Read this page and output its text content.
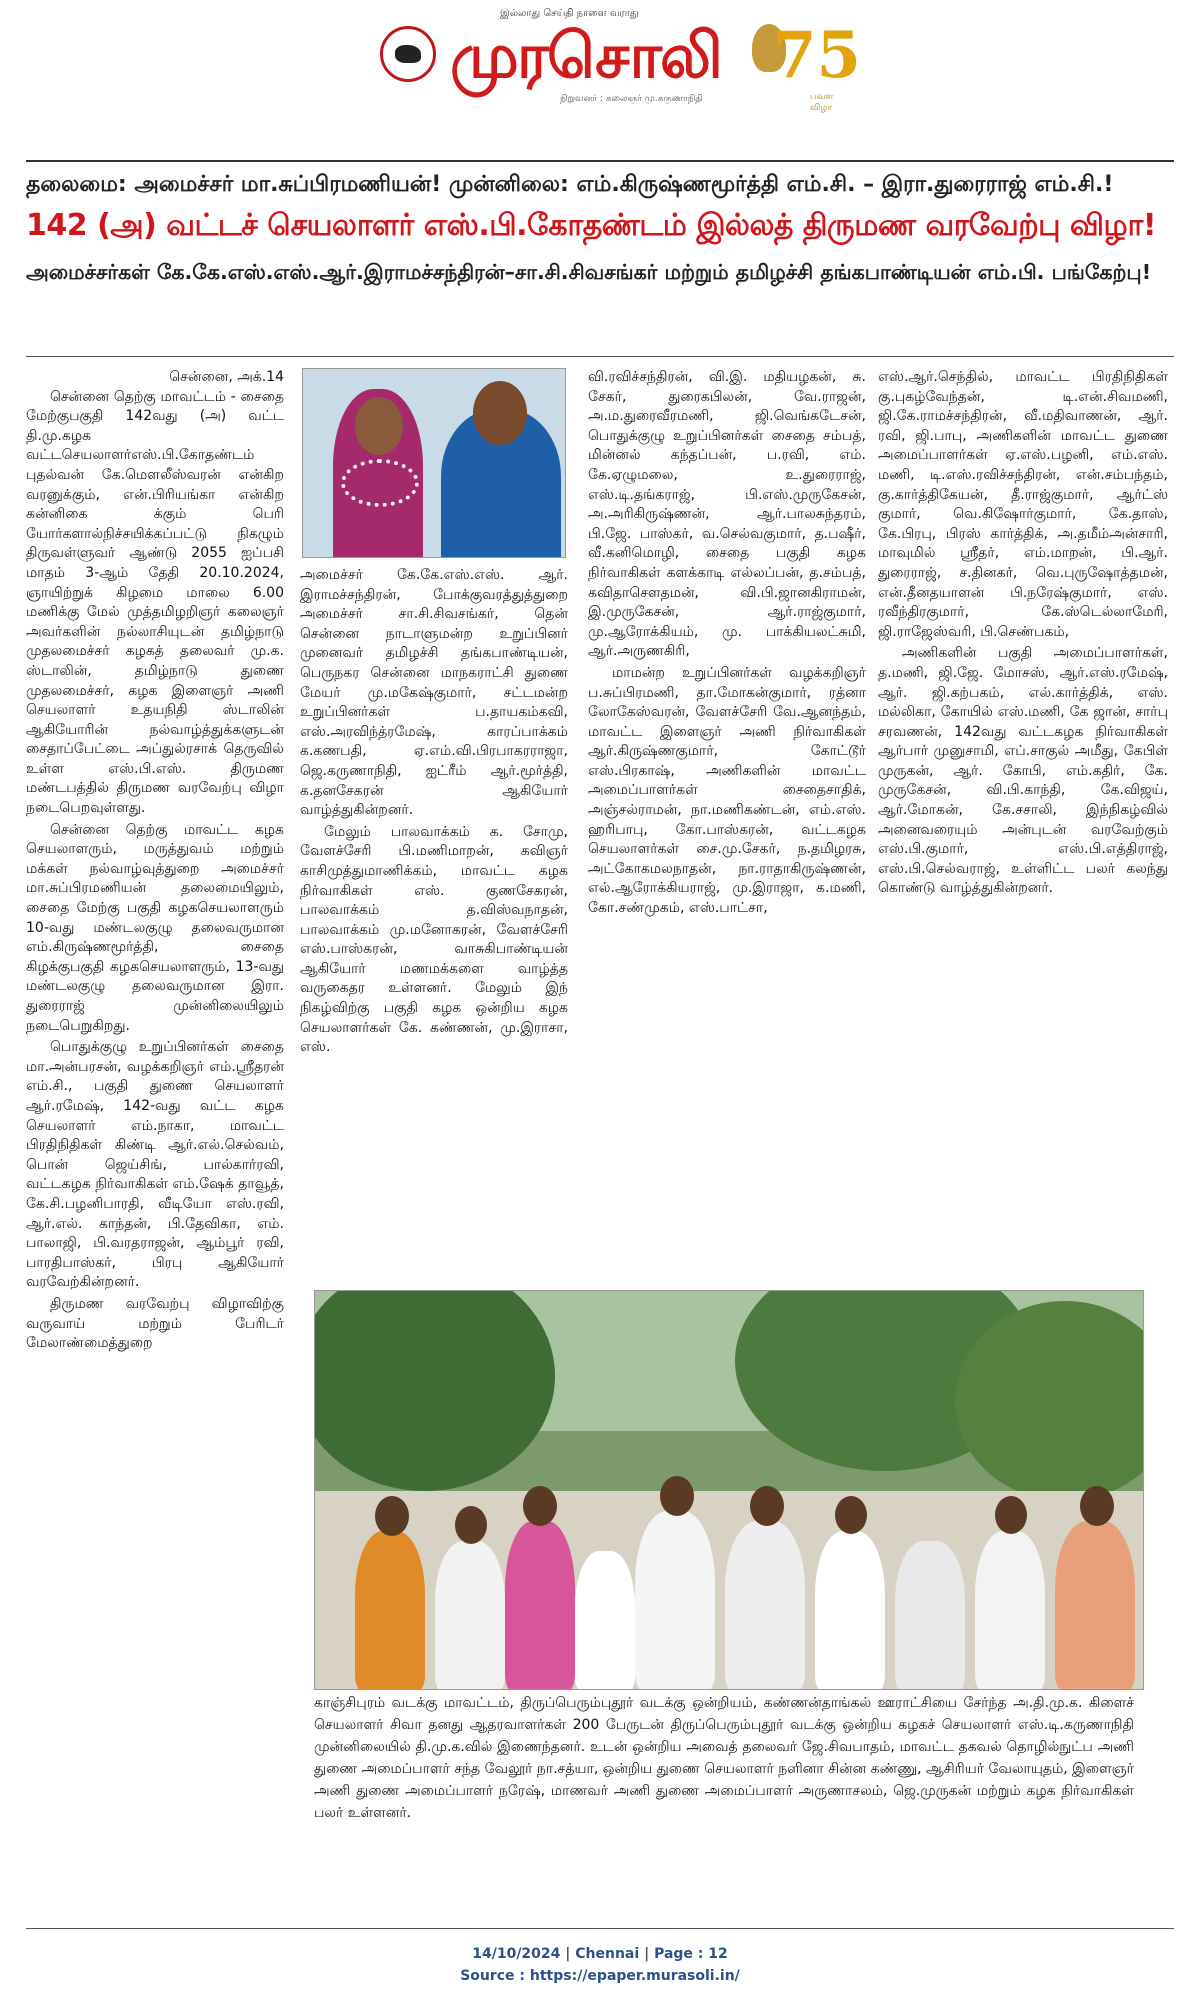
இல்லாது செய்தி நாளை வராது
முரசொலி
நிறுவனர் : கலைஞர் மு.கருணாநிதி
75
பவள விழா
தலைமை: அமைச்சர் மா.சுப்பிரமணியன்! முன்னிலை: எம்.கிருஷ்ணமூர்த்தி எம்.சி. – இரா.துரைராஜ் எம்.சி.!
142 (அ) வட்டச் செயலாளர் எஸ்.பி.கோதண்டம் இல்லத் திருமண வரவேற்பு விழா!
அமைச்சர்கள் கே.கே.எஸ்.எஸ்.ஆர்.இராமச்சந்திரன்–சா.சி.சிவசங்கர் மற்றும் தமிழச்சி தங்கபாண்டியன் எம்.பி. பங்கேற்பு!
சென்னை, அக்.14

சென்னை தெற்கு மாவட்டம் - சைதை மேற்குபகுதி 142வது (அ) வட்ட தி.மு.கழக வட்டசெயலாளர்எஸ்.பி.கோதண்டம் புதல்வன் கே.மௌலீஸ்வரன் என்கிற வரனுக்கும், என்.பிரியங்கா என்கிற கன்னிகை க்கும் பெரி யோர்களால்நிச்சயிக்கப்பட்டு நிகழும் திருவள்ளுவர் ஆண்டு 2055 ஐப்பசி மாதம் 3-ஆம் தேதி 20.10.2024, ஞாயிற்றுக் கிழமை மாலை 6.00 மணிக்கு மேல் முத்தமிழறிஞர் கலைஞர் அவர்களின் நல்லாசியுடன் தமிழ்நாடு முதலமைச்சர் கழகத் தலைவர் மு.க. ஸ்டாலின், தமிழ்நாடு துணை முதலமைச்சர், கழக இளைஞர் அணி செயலாளர் உதயநிதி ஸ்டாலின் ஆகியோரின் நல்வாழ்த்துக்களுடன் சைதாப்பேட்டை அப்துல்ரசாக் தெருவில் உள்ள எஸ்.பி.எஸ். திருமண மண்டபத்தில் திருமண வரவேற்பு விழா நடைபெறவுள்ளது.

சென்னை தெற்கு மாவட்ட கழக செயலாளரும், மருத்துவம் மற்றும் மக்கள் நல்வாழ்வுத்துறை அமைச்சர் மா.சுப்பிரமணியன் தலைமையிலும், சைதை மேற்கு பகுதி கழகசெயலாளரும் 10-வது மண்டலகுழு தலைவருமான எம்.கிருஷ்ணமூர்த்தி, சைதை கிழக்குபகுதி கழகசெயலாளரும், 13-வது மண்டலகுழு தலைவருமான இரா. துரைராஜ் முன்னிலையிலும் நடைபெறுகிறது.

பொதுக்குழு உறுப்பினர்கள் சைதை மா.அன்பரசன், வழக்கறிஞர் எம்.ஸ்ரீதரன் எம்.சி., பகுதி துணை செயலாளர் ஆர்.ரமேஷ், 142-வது வட்ட கழக செயலாளர் எம்.நாகா, மாவட்ட பிரதிநிதிகள் கிண்டி ஆர்.எல்.செல்வம், பொன் ஜெய்சிங், பால்கார்ரவி, வட்டகழக நிர்வாகிகள் எம்.ஷேக் தாவூத், கே.சி.பழனிபாரதி, வீடியோ எஸ்.ரவி, ஆர்.எல். காந்தன், பி.தேவிகா, எம். பாலாஜி, பி.வரதராஜன், ஆம்பூர் ரவி, பாரதிபாஸ்கர், பிரபு ஆகியோர் வரவேற்கின்றனர்.

திருமண வரவேற்பு விழாவிற்கு வருவாய் மற்றும் பேரிடர் மேலாண்மைத்துறை

அமைச்சர் கே.கே.எஸ்.எஸ். ஆர். இராமச்சந்திரன், போக்குவரத்துத்துறை அமைச்சர் சா.சி.சிவசங்கர், தென் சென்னை நாடாளுமன்ற உறுப்பினர் முனைவர் தமிழச்சி தங்கபாண்டியன், பெருநகர சென்னை மாநகராட்சி துணை மேயர் மு.மகேஷ்குமார், சட்டமன்ற உறுப்பினர்கள் ப.தாயகம்கவி, எஸ்.அரவிந்த்ரமேஷ், காரப்பாக்கம் க.கணபதி, ஏ.எம்.வி.பிரபாகரராஜா, ஜெ.கருணாநிதி, ஐட்ரீம் ஆர்.மூர்த்தி, க.தனசேகரன் ஆகியோர் வாழ்த்துகின்றனர்.

மேலும் பாலவாக்கம் க. சோமு, வேளச்சேரி பி.மணிமாறன், கவிஞர் காசிமுத்துமாணிக்கம், மாவட்ட கழக நிர்வாகிகள் எஸ். குணசேகரன், பாலவாக்கம் த.விஸ்வநாதன், பாலவாக்கம் மு.மனோகரன், வேளச்சேரி எஸ்.பாஸ்கரன், வாசுகிபாண்டியன் ஆகியோர் மணமக்களை வாழ்த்த வருகைதர உள்ளனர். மேலும் இந் நிகழ்விற்கு பகுதி கழக ஒன்றிய கழக செயலாளர்கள் கே. கண்ணன், மு.இராசா, எஸ்.

வி.ரவிச்சந்திரன், வி.இ. மதியழகன், சு. சேகர், துரைகபிலன், வே.ராஜன், அ.ம.துரைவீரமணி, ஜி.வெங்கடேசன், பொதுக்குழு உறுப்பினர்கள் சைதை சம்பத், மின்னல் கந்தப்பன், ப.ரவி, எம். கே.ஏழுமலை, உ.துரைராஜ், எஸ்.டி.தங்கராஜ், பி.எஸ்.முருகேசன், அ.அரிகிருஷ்ணன், ஆர்.பாலசுந்தரம், பி.ஜே. பாஸ்கர், வ.செல்வகுமார், த.பஷீர், வீ.கனிமொழி, சைதை பகுதி கழக நிர்வாகிகள் களக்காடி எல்லப்பன், த.சம்பத், கவிதாசௌதமன், வி.பி.ஜானகிராமன், இ.முருகேசன், ஆர்.ராஜ்குமார், மு.ஆரோக்கியம், மு. பாக்கியலட்சுமி, ஆர்.அருணகிரி,

மாமன்ற உறுப்பினர்கள் வழக்கறிஞர் ப.சுப்பிரமணி, தா.மோகன்குமார், ரத்னா லோகேஸ்வரன், வேளச்சேரி வே.ஆனந்தம், மாவட்ட இளைஞர் அணி நிர்வாகிகள் ஆர்.கிருஷ்ணகுமார், கோட்டூர் எஸ்.பிரகாஷ், அணிகளின் மாவட்ட அமைப்பாளர்கள் சைதைசாதிக், அஞ்சல்ராமன், நா.மணிகண்டன், எம்.எஸ். ஹரிபாபு, கோ.பாஸ்கரன், வட்டகழக செயலாளர்கள் சை.மு.சேகர், ந.தமிழரசு, அட்கோகமலநாதன், நா.ராதாகிருஷ்ணன், எல்.ஆரோக்கியராஜ், மு.இராஜா, க.மணி, கோ.சண்முகம், எஸ்.பாட்சா,

எஸ்.ஆர்.செந்தில், மாவட்ட பிரதிநிதிகள் கு.புகழ்வேந்தன், டி.என்.சிவமணி, ஜி.கே.ராமச்சந்திரன், வீ.மதிவாணன், ஆர். ரவி, ஜி.பாபு, அணிகளின் மாவட்ட துணை அமைப்பாளர்கள் ஏ.எஸ்.பழனி, எம்.எஸ். மணி, டி.எஸ்.ரவிச்சந்திரன், என்.சம்பந்தம், கு.கார்த்திகேயன், தீ.ராஜ்குமார், ஆர்ட்ஸ் குமார், வெ.கிஷோர்குமார், கே.தாஸ், கே.பிரபு, பிரஸ் கார்த்திக், அ.தமீம்அன்சாரி, மாவுமில் ஸ்ரீதர், எம்.மாறன், பி.ஆர். துரைராஜ், ச.தினகர், வெ.புருஷோத்தமன், என்.தீனதயாளன் பி.நரேஷ்குமார், எஸ். ரவீந்திரகுமார், கே.ஸ்டெல்லாமேரி, ஜி.ராஜேஸ்வரி, பி.செண்பகம்,

அணிகளின் பகுதி அமைப்பாளர்கள், த.மணி, ஜி.ஜே. மோசஸ், ஆர்.எஸ்.ரமேஷ், ஆர். ஜி.கற்பகம், எல்.கார்த்திக், எஸ். மல்லிகா, கோயில் எஸ்.மணி, கே ஜான், சார்பு சரவணன், 142வது வட்டகழக நிர்வாகிகள் ஆர்பார் முனுசாமி, எப்.சாகுல் அமீது, கேபிள் முருகன், ஆர். கோபி, எம்.கதிர், கே. முருகேசன், வி.பி.காந்தி, கே.விஜய், ஆர்.மோகன், கே.சசாலி, இந்நிகழ்வில் அனைவரையும் அன்புடன் வரவேற்கும் எஸ்.பி.குமார், எஸ்.பி.எத்திராஜ், எஸ்.பி.செல்வராஜ், உள்ளிட்ட பலர் கலந்து கொண்டு வாழ்த்துகின்றனர்.

காஞ்சிபுரம் வடக்கு மாவட்டம், திருப்பெரும்புதூர் வடக்கு ஒன்றியம், கண்ணன்தாங்கல் ஊராட்சியை சேர்ந்த அ.தி.மு.க. கிளைச் செயலாளர் சிவா தனது ஆதரவாளர்கள் 200 பேருடன் திருப்பெரும்புதூர் வடக்கு ஒன்றிய கழகச் செயலாளர் எஸ்.டி.கருணாநிதி முன்னிலையில் தி.மு.க.வில் இணைந்தனர். உடன் ஒன்றிய அவைத் தலைவர் ஜே.சிவபாதம், மாவட்ட தகவல் தொழில்நுட்ப அணி துணை அமைப்பாளர் சந்த வேலூர் நா.சத்யா, ஒன்றிய துணை செயலாளர் நளினா சின்ன கண்ணு, ஆசிரியர் வேலாயுதம், இளைஞர் அணி துணை அமைப்பாளர் நரேஷ், மாணவர் அணி துணை அமைப்பாளர் அருணாசலம், ஜெ.முருகன் மற்றும் கழக நிர்வாகிகள் பலர் உள்ளனர்.
14/10/2024 | Chennai | Page : 12
Source : https://epaper.murasoli.in/
